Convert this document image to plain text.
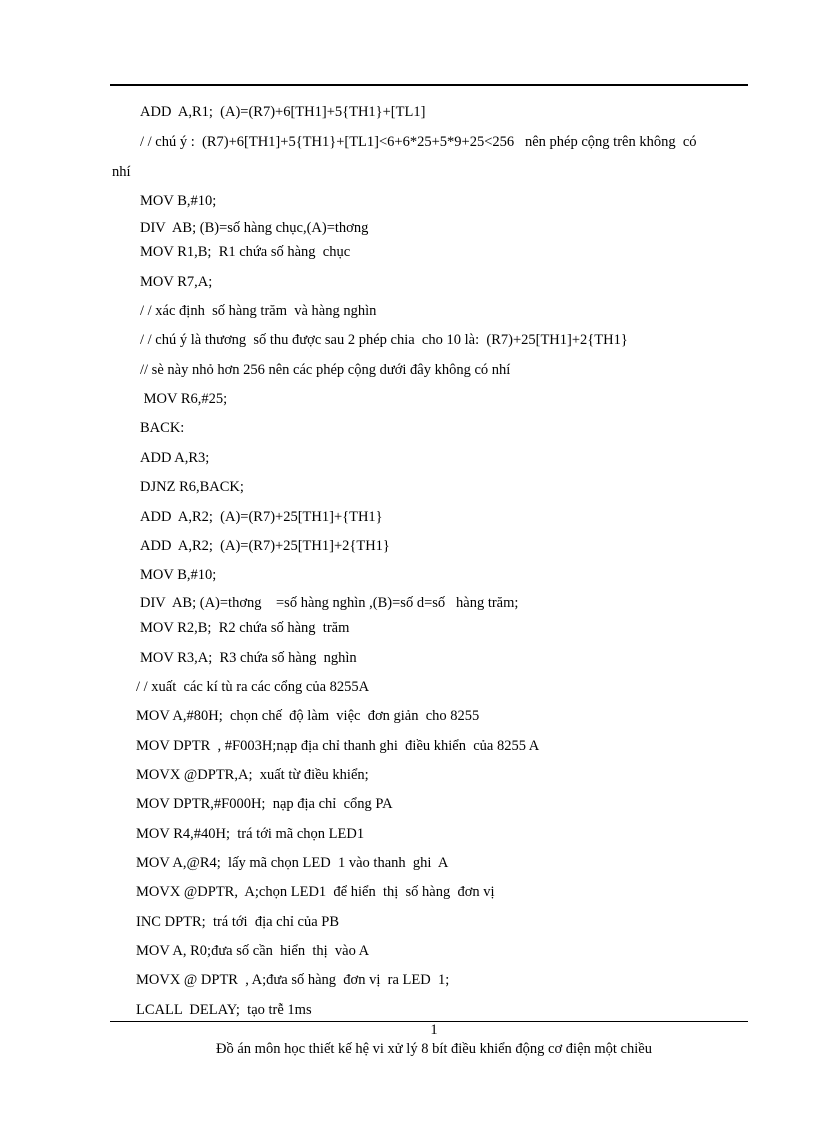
ADD  A,R1;  (A)=(R7)+6[TH1]+5{TH1}+[TL1]
/ / chú ý :  (R7)+6[TH1]+5{TH1}+[TL1]<6+6*25+5*9+25<256   nên phép cộng trên không  có
nhí
MOV B,#10;
DIV  AB; (B)=số hàng chục,(A)=thơng
MOV R1,B;  R1 chứa số hàng  chục
MOV R7,A;
/ / xác định  số hàng trăm  và hàng nghìn
/ / chú ý là thương  số thu được sau 2 phép chia  cho 10 là:  (R7)+25[TH1]+2{TH1}
// sè này nhỏ hơn 256 nên các phép cộng dưới đây không có nhí
MOV R6,#25;
BACK:
ADD A,R3;
DJNZ R6,BACK;
ADD  A,R2;  (A)=(R7)+25[TH1]+{TH1}
ADD  A,R2;  (A)=(R7)+25[TH1]+2{TH1}
MOV B,#10;
DIV  AB; (A)=thơng    =số hàng nghìn ,(B)=số d=số   hàng trăm;
MOV R2,B;  R2 chứa số hàng  trăm
MOV R3,A;  R3 chứa số hàng  nghìn
/ / xuất  các kí tù ra các cổng của 8255A
MOV A,#80H;  chọn chế  độ làm  việc  đơn giản  cho 8255
MOV DPTR  , #F003H;nạp địa chỉ thanh ghi  điều khiển  của 8255 A
MOVX @DPTR,A;  xuất từ điều khiển;
MOV DPTR,#F000H;  nạp địa chỉ  cổng PA
MOV R4,#40H;  trá tới mã chọn LED1
MOV A,@R4;  lấy mã chọn LED  1 vào thanh  ghi  A
MOVX @DPTR,  A;chọn LED1  để hiển  thị  số hàng  đơn vị
INC DPTR;  trá tới  địa chỉ của PB
MOV A, R0;đưa số cần  hiển  thị  vào A
MOVX @ DPTR  , A;đưa số hàng  đơn vị  ra LED  1;
LCALL  DELAY;  tạo trễ 1ms
1
Đồ án môn học thiết kế hệ vi xử lý 8 bít điều khiển động cơ điện một chiều
